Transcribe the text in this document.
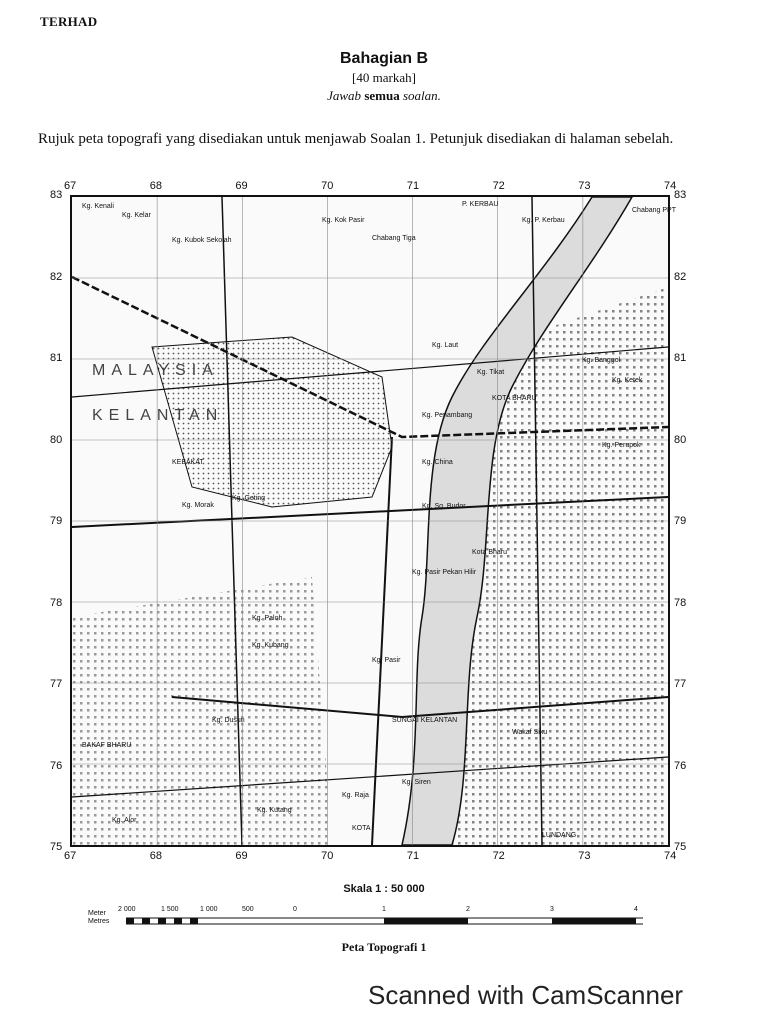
TERHAD
Bahagian B
[40 markah]
Jawab semua soalan.
Rujuk peta topografi yang disediakan untuk menjawab Soalan 1. Petunjuk disediakan di halaman sebelah.
67
67
68
68
69
69
70
70
71
71
72
72
73
73
74
74
83	83
82	82
81	81
80	80
79	79
78	78
77	77
76	76
75	75
Kg. Kenali
Kg. Kubok Sekolah
Kg. Kok Pasir
Chabang Tiga
P. KERBAU
Kg. P. Kerbau
Chabang PPT
Kg. Banggol
Kg. Laut
Kg. Tikat
KOTA BHARU
Kg. Penambang
Kg. China
Kg. Sg. Budor
Kg. Pasir Pekan Hilir
Kota Bharu
Kg. Paloh
Kg. Kubang
Kg. Pasir
Wakaf Siku
Kg. Siren
Kg. Raja
KOTA
LUNDANG
BAKAF BHARU
Kg. Morak
KEBAKAT
Kg. Geting
SUNGAI KELANTAN
MALAYSIA
KELANTAN
Kg. Dusun
Kg. Kutang
Kg. Alor
Kg. Kelar
Kg. Ketek
Kg. Perupok
Skala 1 : 50 000
Meter
Metres
2 000	1 500	1 000	500	0	1	2	3	4
Peta Topografi 1
Scanned with CamScanner
